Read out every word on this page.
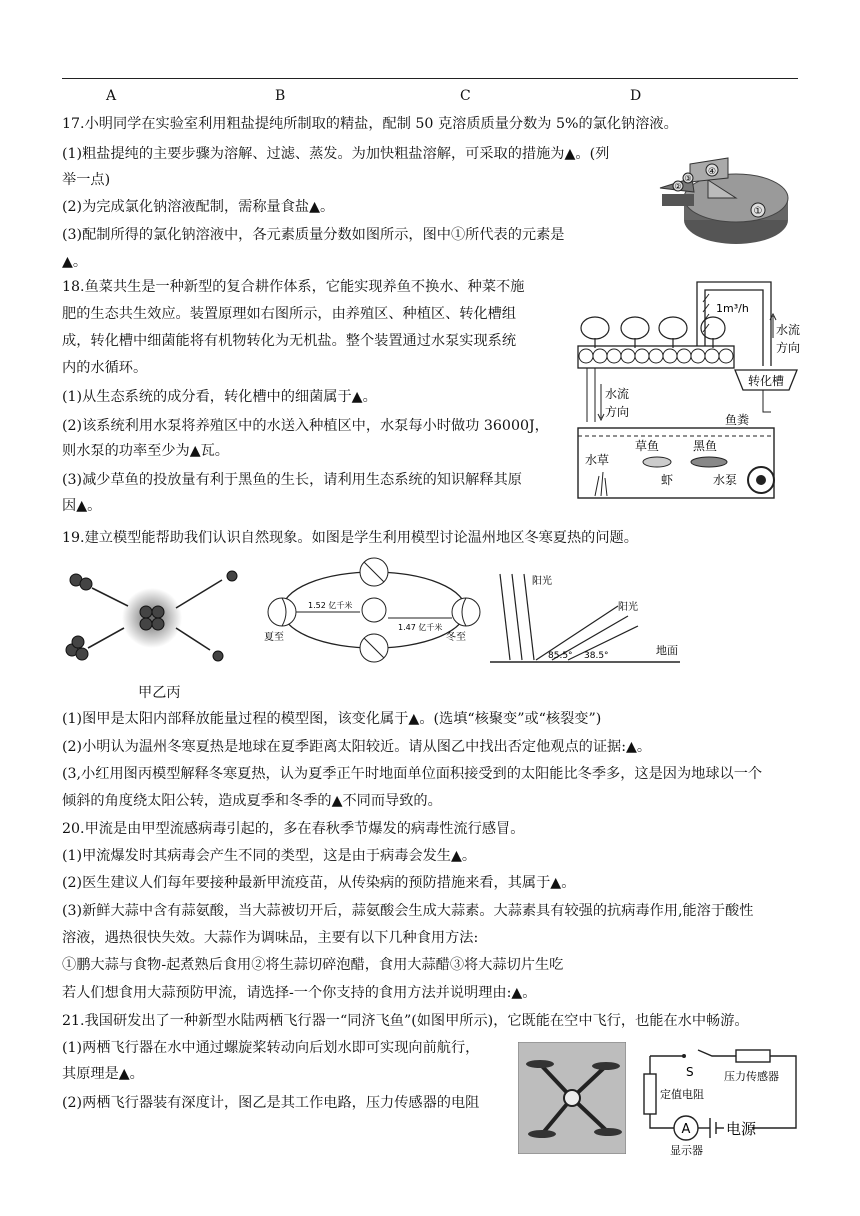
A	B	C	D
17.小明同学在实验室利用粗盐提纯所制取的精盐，配制 50 克溶质质量分数为 5%的氯化钠溶液。
(1)粗盐提纯的主要步骤为溶解、过滤、蒸发。为加快粗盐溶解，可采取的措施为▲。(列
举一点)
(2)为完成氯化钠溶液配制，需称量食盐▲。
(3)配制所得的氯化钠溶液中，各元素质量分数如图所示，图中①所代表的元素是
▲。
①
②
③
④
18.鱼菜共生是一种新型的复合耕作体系，它能实现养鱼不换水、种菜不施
肥的生态共生效应。装置原理如右图所示，由养殖区、种植区、转化槽组
成，转化槽中细菌能将有机物转化为无机盐。整个装置通过水泵实现系统
内的水循环。
(1)从生态系统的成分看，转化槽中的细菌属于▲。
(2)该系统利用水泵将养殖区中的水送入种植区中，水泵每小时做功 36000J，
则水泵的功率至少为▲瓦。
(3)减少草鱼的投放量有利于黑鱼的生长，请利用生态系统的知识解释其原
因▲。
1m³/h
水流
方向
转化槽
水流
方向
鱼粪
草鱼	黑鱼
水草
虾	水泵
19.建立模型能帮助我们认识自然现象。如图是学生利用模型讨论温州地区冬寒夏热的问题。
1.52 亿千米
1.47 亿千米
夏至	冬至
阳光
阳光
85.5° 38.5°	地面
甲乙丙
(1)图甲是太阳内部释放能量过程的模型图，该变化属于▲。(选填“核聚变”或“核裂变”)
(2)小明认为温州冬寒夏热是地球在夏季距离太阳较近。请从图乙中找出否定他观点的证据:▲。
(3,小红用图丙模型解释冬寒夏热，认为夏季正午时地面单位面积接受到的太阳能比冬季多，这是因为地球以一个
倾斜的角度绕太阳公转，造成夏季和冬季的▲不同而导致的。
20.甲流是由甲型流感病毒引起的，多在春秋季节爆发的病毒性流行感冒。
(1)甲流爆发时其病毒会产生不同的类型，这是由于病毒会发生▲。
(2)医生建议人们每年要接种最新甲流疫苗，从传染病的预防措施来看，其属于▲。
(3)新鲜大蒜中含有蒜氨酸，当大蒜被切开后，蒜氨酸会生成大蒜素。大蒜素具有较强的抗病毒作用,能溶于酸性
溶液，遇热很快失效。大蒜作为调味品，主要有以下几种食用方法:
①鹏大蒜与食物-起煮熟后食用②将生蒜切碎泡醋，食用大蒜醋③将大蒜切片生吃
若人们想食用大蒜预防甲流，请选择-一个你支持的食用方法并说明理由:▲。
21.我国研发出了一种新型水陆两栖飞行器一“同济飞鱼”(如图甲所示)，它既能在空中飞行，也能在水中畅游。
(1)两栖飞行器在水中通过螺旋桨转动向后划水即可实现向前航行，
其原理是▲。
(2)两栖飞行器装有深度计，图乙是其工作电路，压力传感器的电阻
S	压力传感器
定值电阻
A 电源
显示器
